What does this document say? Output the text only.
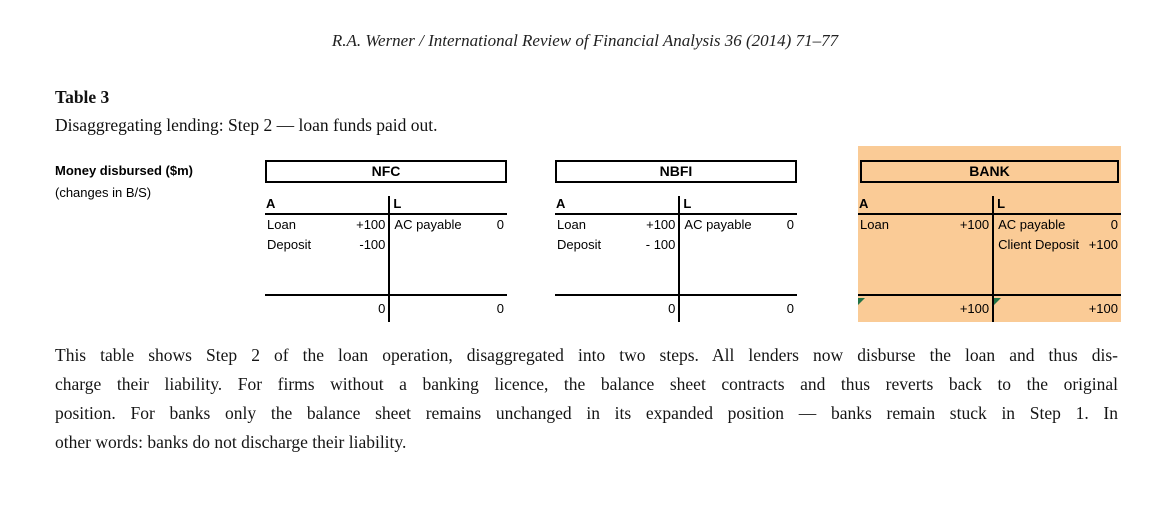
R.A. Werner / International Review of Financial Analysis 36 (2014) 71–77
Table 3
Disaggregating lending: Step 2 — loan funds paid out.
Money disbursed ($m)
(changes in B/S)
NFC
A
Loan	+100
Deposit	-100
0
L
AC payable	0
0
NBFI
A
Loan	+100
Deposit	- 100
0
L
AC payable	0
0
BANK
A
Loan	+100
+100
L
AC payable	0
Client Deposit +100
+100
This table shows Step 2 of the loan operation, disaggregated into two steps. All lenders now disburse the loan and thus dis-
charge their liability. For firms without a banking licence, the balance sheet contracts and thus reverts back to the original
position. For banks only the balance sheet remains unchanged in its expanded position — banks remain stuck in Step 1. In
other words: banks do not discharge their liability.
